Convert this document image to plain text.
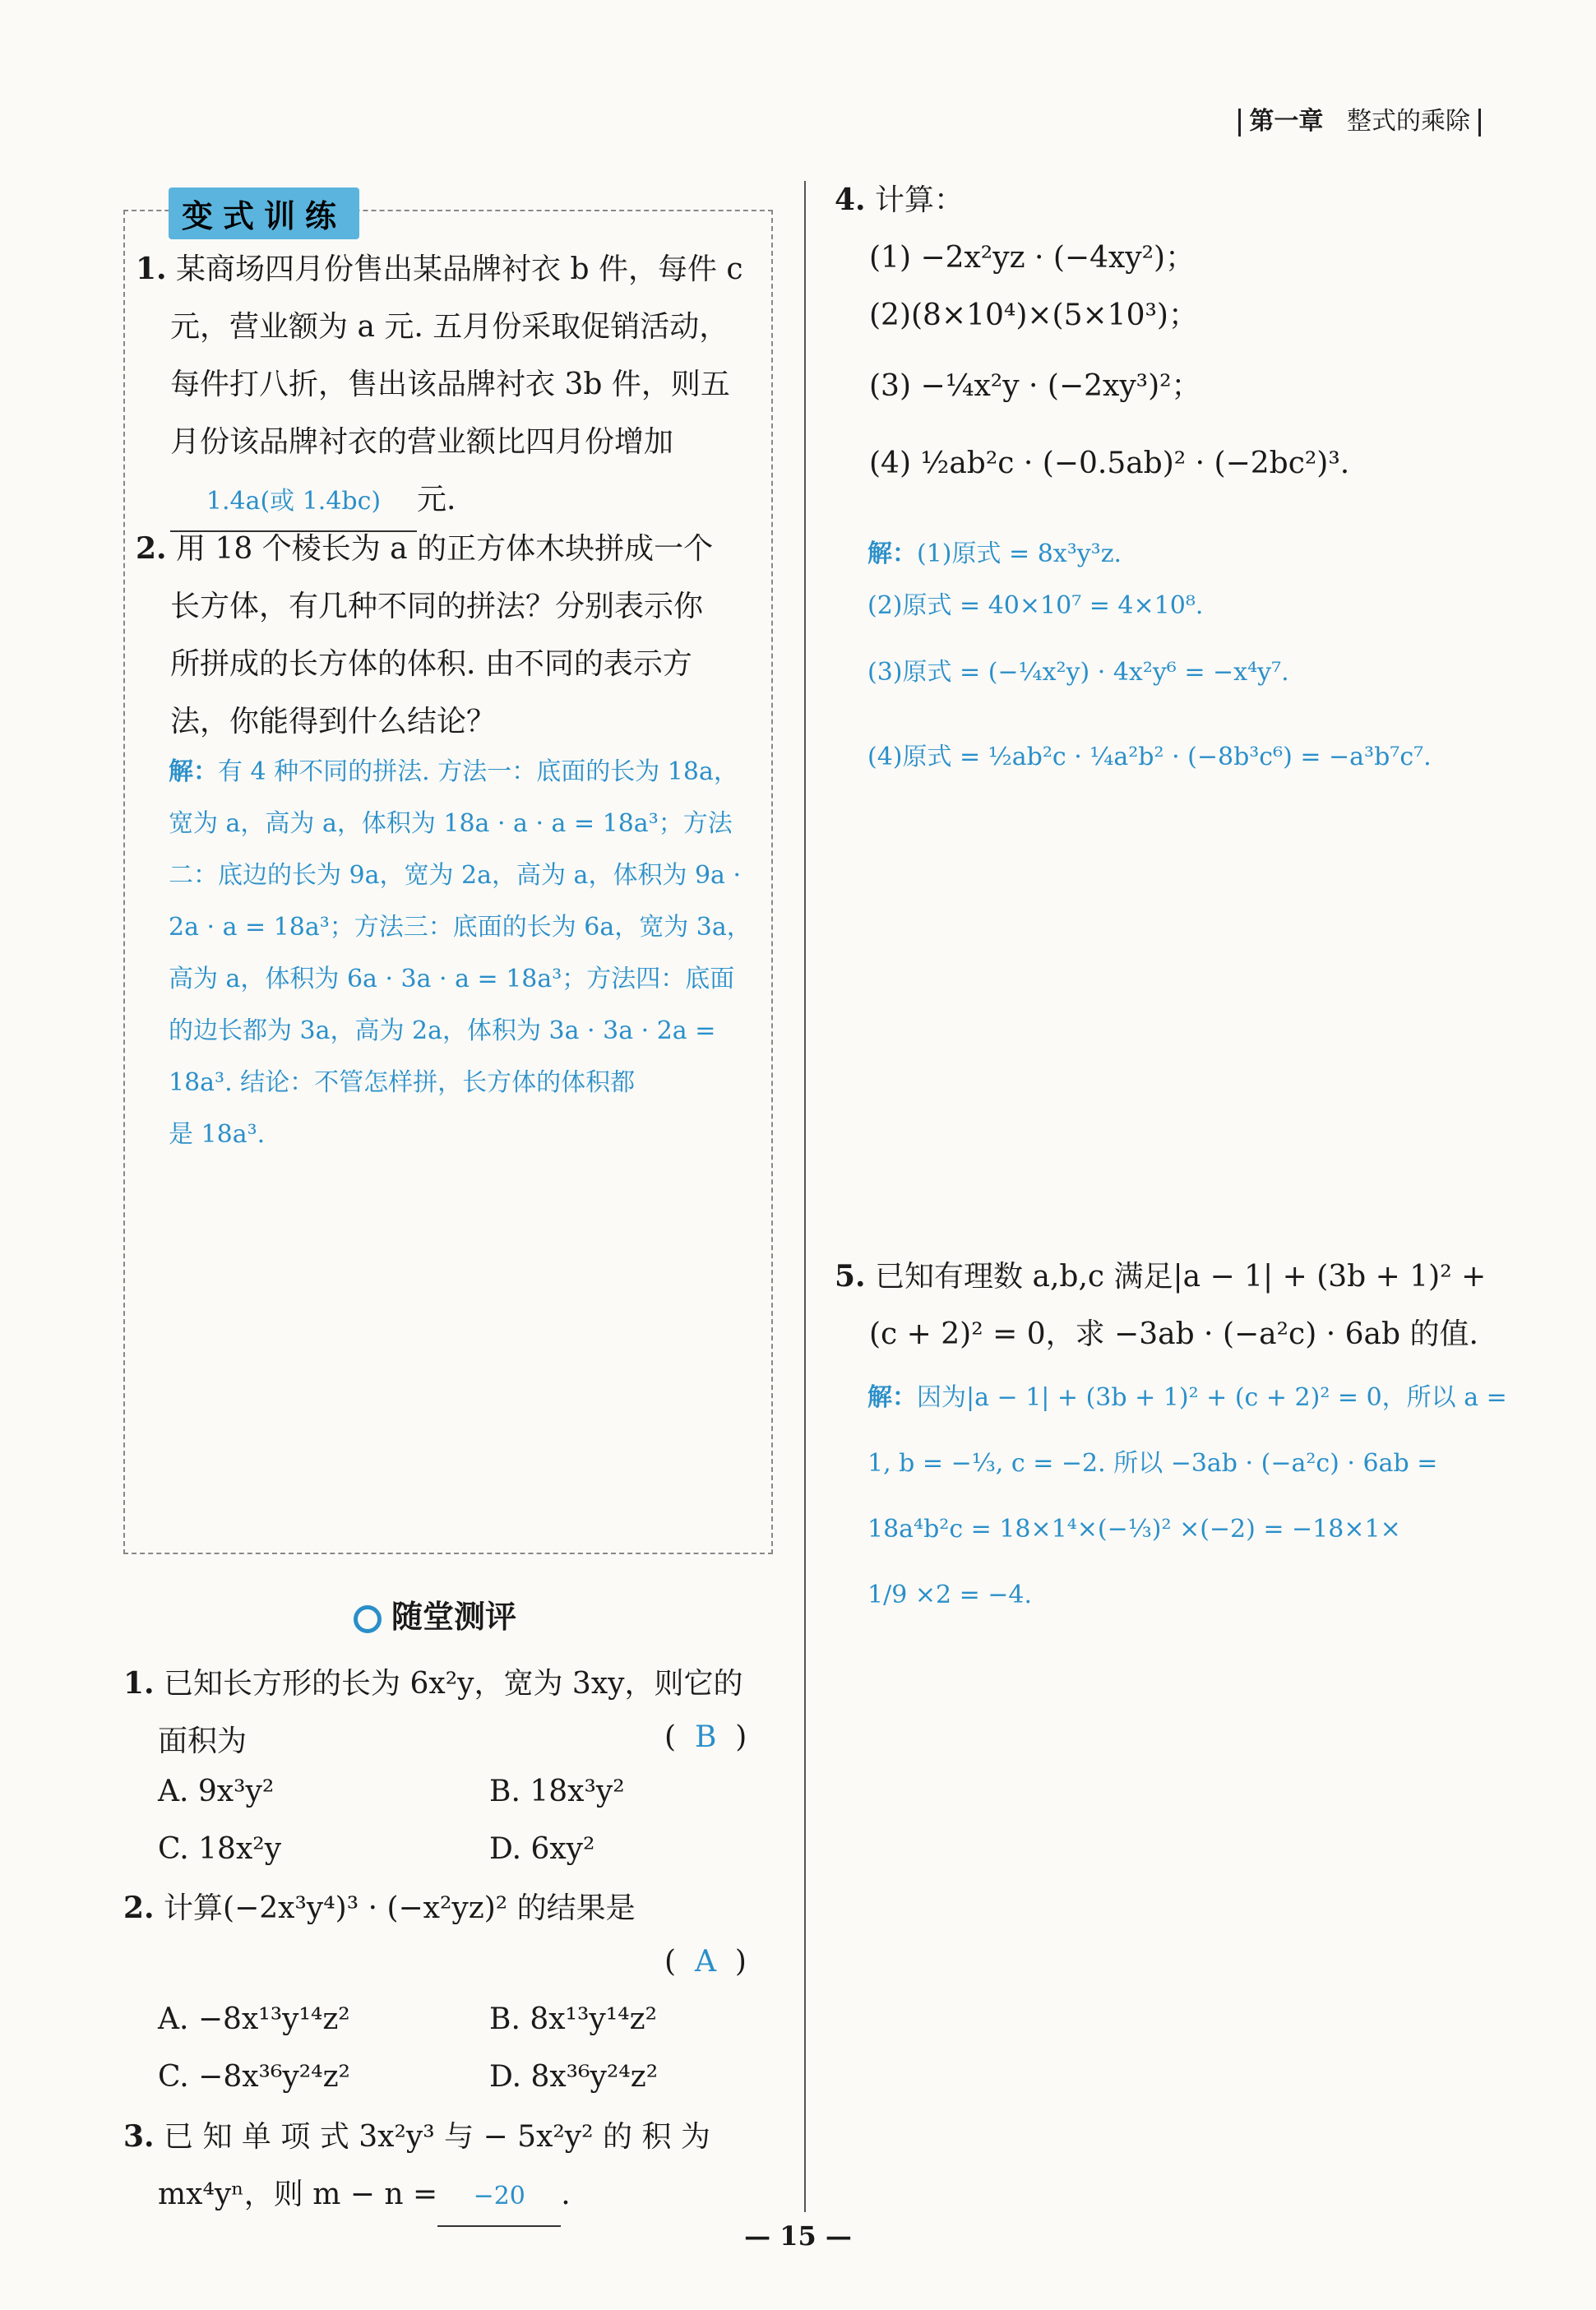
第一章 整式的乘除
变式训练
1. 某商场四月份售出某品牌衬衣 b 件，每件 c
元，营业额为 a 元. 五月份采取促销活动，
每件打八折，售出该品牌衬衣 3b 件，则五
月份该品牌衬衣的营业额比四月份增加
1.4a(或 1.4bc) 元.
2. 用 18 个棱长为 a 的正方体木块拼成一个
长方体，有几种不同的拼法？分别表示你
所拼成的长方体的体积. 由不同的表示方
法，你能得到什么结论？
解：有 4 种不同的拼法. 方法一：底面的长为 18a，
宽为 a，高为 a，体积为 18a · a · a = 18a³；方法
二：底边的长为 9a，宽为 2a，高为 a，体积为 9a ·
2a · a = 18a³；方法三：底面的长为 6a，宽为 3a，
高为 a，体积为 6a · 3a · a = 18a³；方法四：底面
的边长都为 3a，高为 2a，体积为 3a · 3a · 2a =
18a³. 结论：不管怎样拼，长方体的体积都
是 18a³.
随堂测评
1. 已知长方形的长为 6x²y，宽为 3xy，则它的
面积为	(  B  )
A. 9x³y²	B. 18x³y²
C. 18x²y	D. 6xy²
2. 计算(−2x³y⁴)³ · (−x²yz)² 的结果是
(  A  )
A. −8x¹³y¹⁴z²	B. 8x¹³y¹⁴z²
C. −8x³⁶y²⁴z²	D. 8x³⁶y²⁴z²
3. 已 知 单 项 式 3x²y³ 与 − 5x²y² 的 积 为
mx⁴yⁿ，则 m − n = −20 .
4. 计算：
(1) −2x²yz · (−4xy²)；
(2)(8×10⁴)×(5×10³)；
(3) −¼x²y · (−2xy³)²；
(4) ½ab²c · (−0.5ab)² · (−2bc²)³.
解：(1)原式 = 8x³y³z.
(2)原式 = 40×10⁷ = 4×10⁸.
(3)原式 = (−¼x²y) · 4x²y⁶ = −x⁴y⁷.
(4)原式 = ½ab²c · ¼a²b² · (−8b³c⁶) = −a³b⁷c⁷.
5. 已知有理数 a,b,c 满足|a − 1| + (3b + 1)² +
(c + 2)² = 0，求 −3ab · (−a²c) · 6ab 的值.
解：因为|a − 1| + (3b + 1)² + (c + 2)² = 0，所以 a =
1, b = −⅓, c = −2. 所以 −3ab · (−a²c) · 6ab =
18a⁴b²c = 18×1⁴×(−⅓)² ×(−2) = −18×1×
1/9 ×2 = −4.
— 15 —
